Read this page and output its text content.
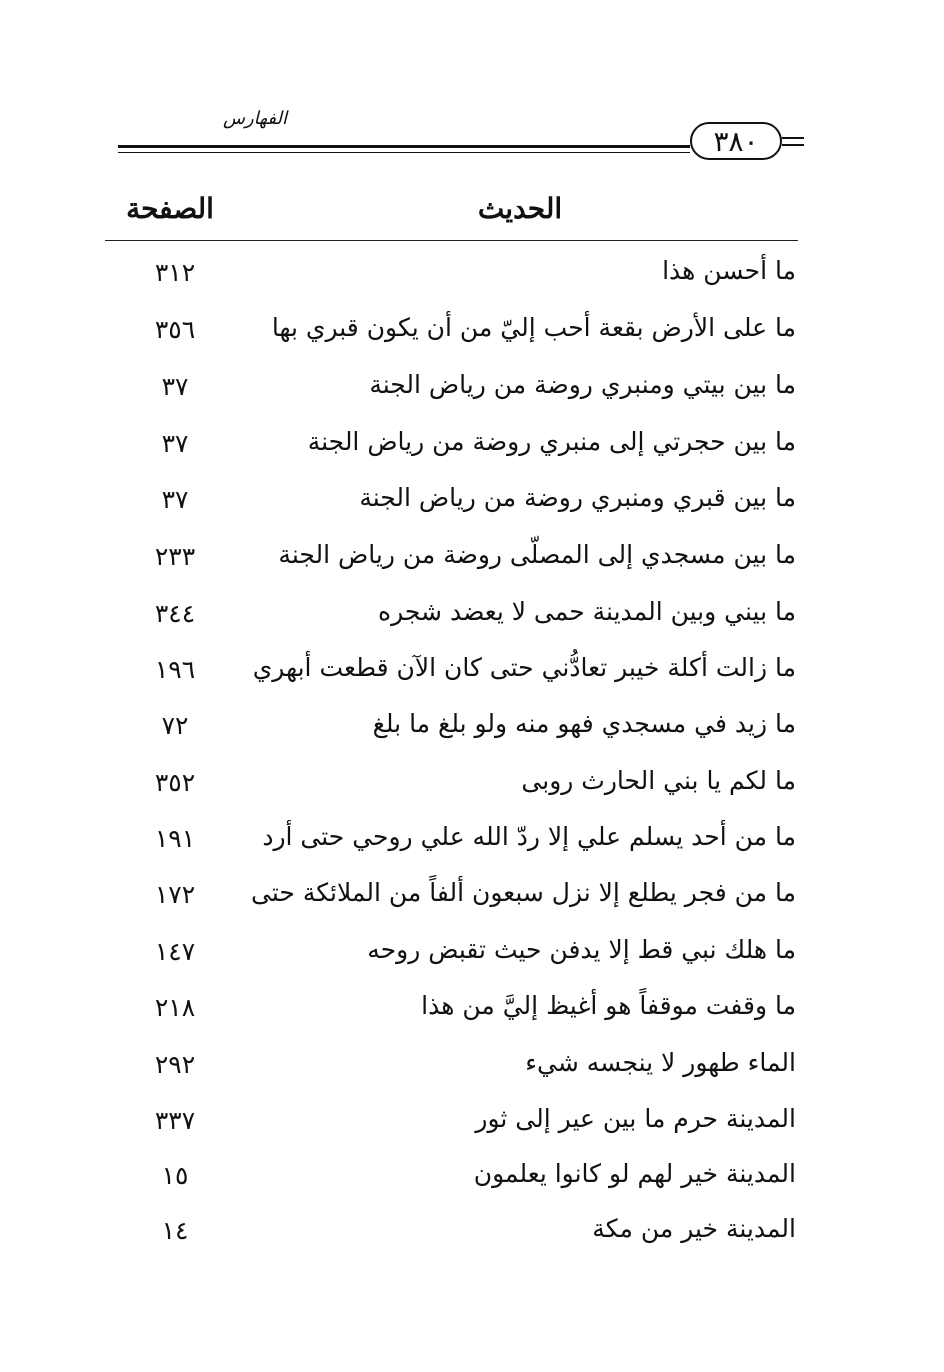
الفهارس
٣٨٠
الحديث
الصفحة
ما أحسن هذا
٣١٢
ما على الأرض بقعة أحب إليّ من أن يكون قبري بها
٣٥٦
ما بين بيتي ومنبري روضة من رياض الجنة
٣٧
ما بين حجرتي إلى منبري روضة من رياض الجنة
٣٧
ما بين قبري ومنبري روضة من رياض الجنة
٣٧
ما بين مسجدي إلى المصلّى روضة من رياض الجنة
٢٣٣
ما بيني وبين المدينة حمى لا يعضد شجره
٣٤٤
ما زالت أكلة خيبر تعادُّني حتى كان الآن قطعت أبهري
١٩٦
ما زيد في مسجدي فهو منه ولو بلغ ما بلغ
٧٢
ما لكم يا بني الحارث روبى
٣٥٢
ما من أحد يسلم علي إلا ردّ الله علي روحي حتى أرد
١٩١
ما من فجر يطلع إلا نزل سبعون ألفاً من الملائكة حتى
١٧٢
ما هلك نبي قط إلا يدفن حيث تقبض روحه
١٤٧
ما وقفت موقفاً هو أغيظ إليَّ من هذا
٢١٨
الماء طهور لا ينجسه شيء
٢٩٢
المدينة حرم ما بين عير إلى ثور
٣٣٧
المدينة خير لهم لو كانوا يعلمون
١٥
المدينة خير من مكة
١٤
